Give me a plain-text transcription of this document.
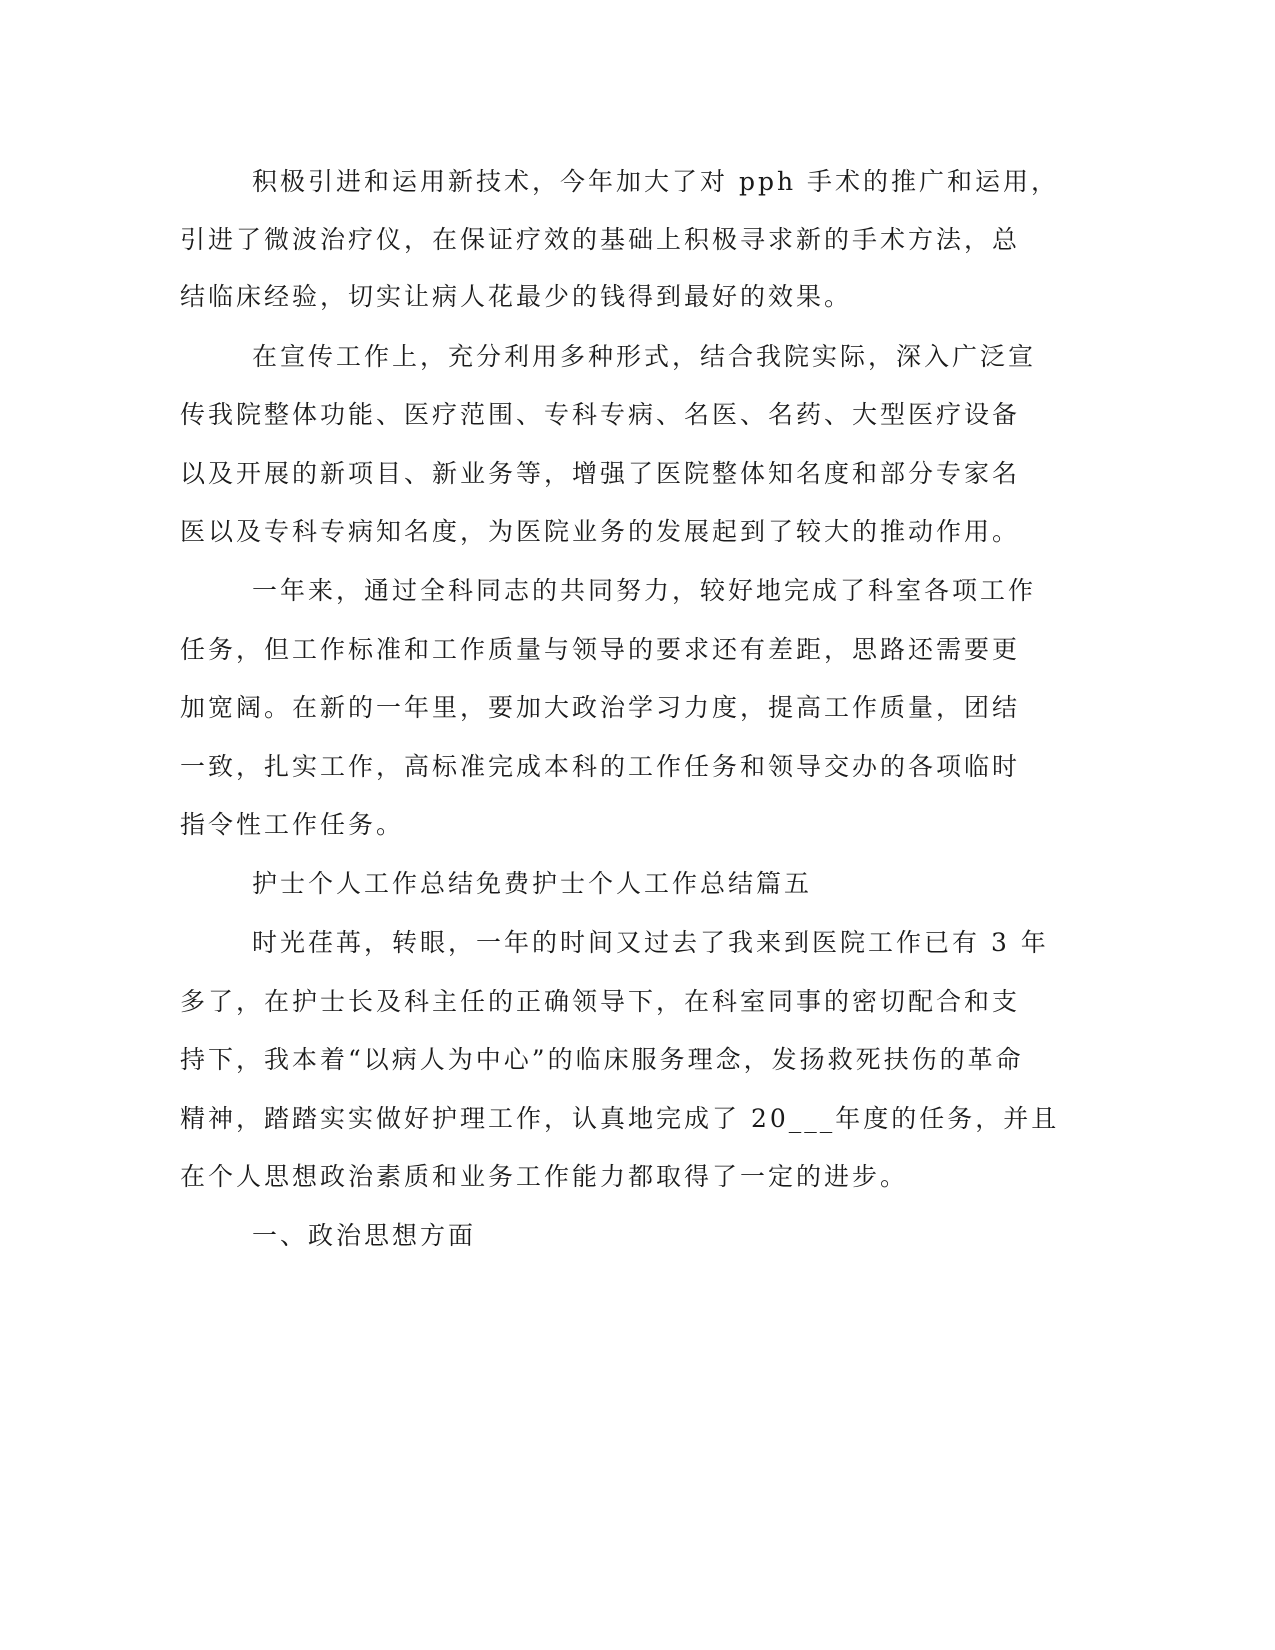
积极引进和运用新技术，今年加大了对 pph 手术的推广和运用，
引进了微波治疗仪，在保证疗效的基础上积极寻求新的手术方法，总
结临床经验，切实让病人花最少的钱得到最好的效果。
在宣传工作上，充分利用多种形式，结合我院实际，深入广泛宣
传我院整体功能、医疗范围、专科专病、名医、名药、大型医疗设备
以及开展的新项目、新业务等，增强了医院整体知名度和部分专家名
医以及专科专病知名度，为医院业务的发展起到了较大的推动作用。
一年来，通过全科同志的共同努力，较好地完成了科室各项工作
任务，但工作标准和工作质量与领导的要求还有差距，思路还需要更
加宽阔。在新的一年里，要加大政治学习力度，提高工作质量，团结
一致，扎实工作，高标准完成本科的工作任务和领导交办的各项临时
指令性工作任务。
护士个人工作总结免费护士个人工作总结篇五
时光荏苒，转眼，一年的时间又过去了我来到医院工作已有 3 年
多了，在护士长及科主任的正确领导下，在科室同事的密切配合和支
持下，我本着“以病人为中心”的临床服务理念，发扬救死扶伤的革命
精神，踏踏实实做好护理工作，认真地完成了 20___年度的任务，并且
在个人思想政治素质和业务工作能力都取得了一定的进步。
一、政治思想方面
